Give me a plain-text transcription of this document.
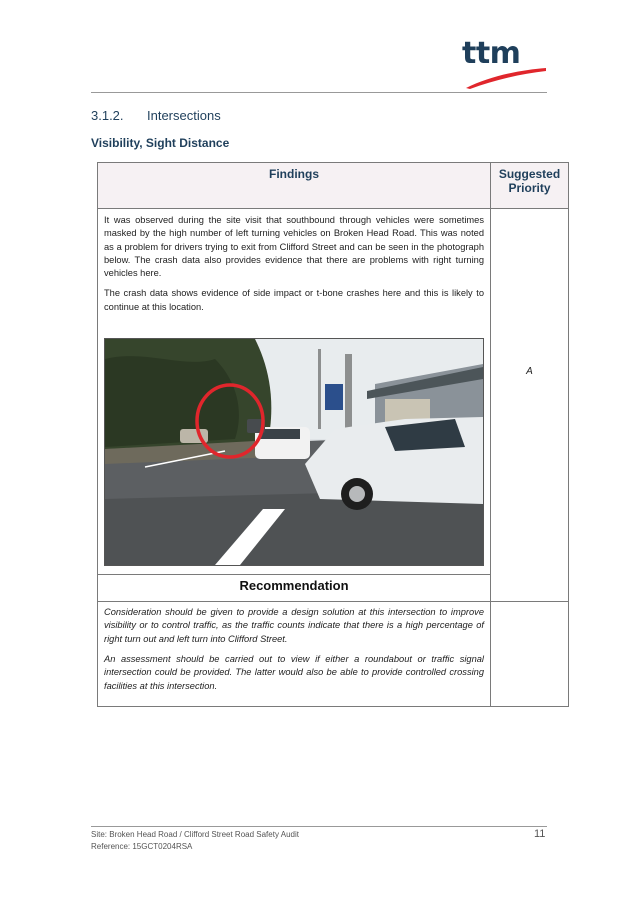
ttm
3.1.2. Intersections
Visibility, Sight Distance
Findings	Suggested Priority

It was observed during the site visit that southbound through vehicles were sometimes masked by the high number of left turning vehicles on Broken Head Road. This was noted as a problem for drivers trying to exit from Clifford Street and can be seen in the photograph below. The crash data also provides evidence that there are problems with right turning vehicles here.

The crash data shows evidence of side impact or t-bone crashes here and this is likely to continue at this location.	A

Recommendation	

Consideration should be given to provide a design solution at this intersection to improve visibility or to control traffic, as the traffic counts indicate that there is a high percentage of right turn out and left turn into Clifford Street.

An assessment should be carried out to view if either a roundabout or traffic signal intersection could be provided. The latter would also be able to provide controlled crossing facilities at this intersection.	

Site: Broken Head Road / Clifford Street Road Safety Audit
Reference: 15GCT0204RSA
11
